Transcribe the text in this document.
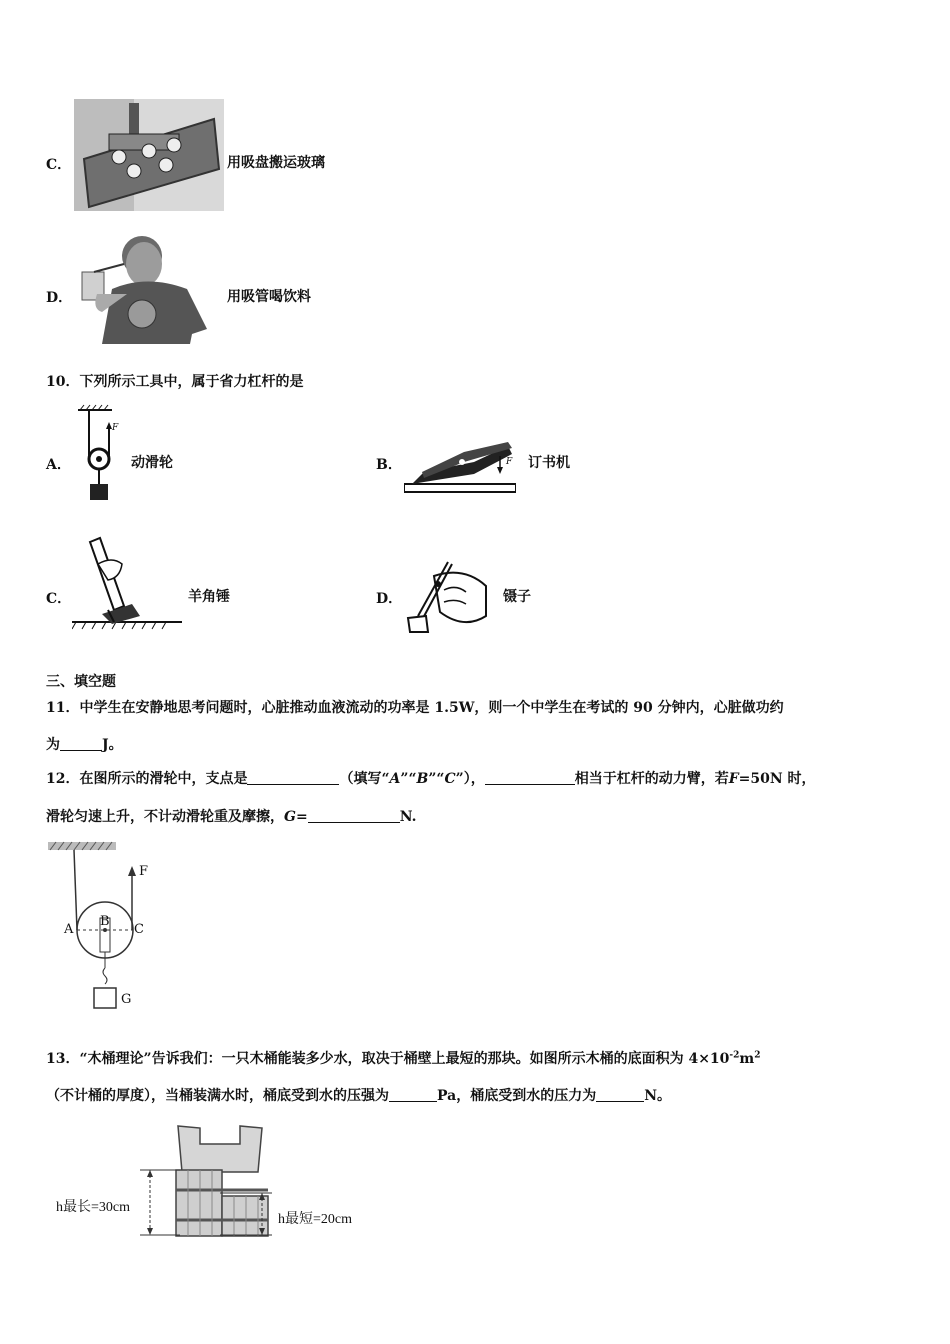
C．	用吸盘搬运玻璃
D．	用吸管喝饮料
10．下列所示工具中，属于省力杠杆的是
F
A．	动滑轮	F
B．	订书机
C．	羊角锤	D．	镊子
三、填空题
11．中学生在安静地思考问题时，心脏推动血液流动的功率是 1.5W，则一个中学生在考试的 90 分钟内，心脏做功约
为	J。
12．在图所示的滑轮中，支点是	（填写“A”“B”“C”），	相当于杠杆的动力臂，若F=50N 时，
滑轮匀速上升，不计动滑轮重及摩擦，G=	N.
F
A
B
C
G
13．“木桶理论”告诉我们：一只木桶能装多少水，取决于桶壁上最短的那块。如图所示木桶的底面积为 $4\times 10^{-2}m^2$
（不计桶的厚度），当桶装满水时，桶底受到水的压强为	Pa，桶底受到水的压力为	N。
h最长=30cm
h最短=20cm
